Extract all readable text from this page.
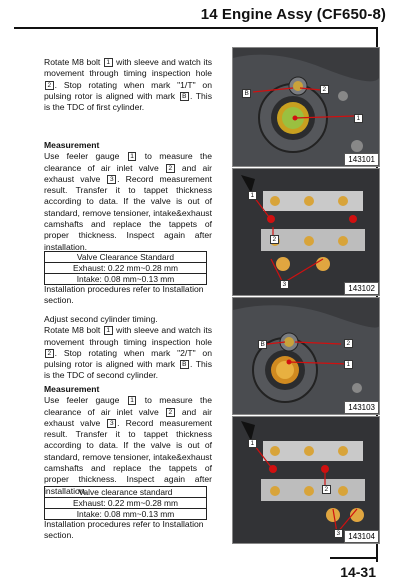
14 Engine Assy (CF650-8)

Rotate M8 bolt 1 with sleeve and watch its movement through timing inspection hole 2 . Stop rotating when mark "1/T" on pulsing rotor is aligned with mark B . This is the TDC of first cylinder.

Measurement

Use feeler gauge 1 to measure the clearance of air inlet valve 2 and air exhaust valve 3 . Record measurement result. Transfer it to tappet thickness according to data. If the valve is out of standard, remove tensioner, intake&exhaust camshafts and replace the tappets of proper thickness. Inspect again after installation.

Valve Clearance Standard
Exhaust: 0.22 mm~0.28 mm
Intake: 0.08 mm~0.13 mm

Installation procedures refer to Installation section.

Adjust second cylinder timing.

Rotate M8 bolt 1 with sleeve and watch its movement through timing inspection hole 2 . Stop rotating when mark "2/T" on pulsing rotor is aligned with mark B . This is the TDC of second cylinder.

Measurement

Use feeler gauge 1 to measure the clearance of air inlet valve 2 and air exhaust valve 3 . Record measurement result. Transfer it to tappet thickness according to data. If the valve is out of standard, remove tensioner, intake&exhaust camshafts and replace the tappets of proper thickness. Inspect again after installation.

Valve clearance standard
Exhaust: 0.22 mm~0.28 mm
Intake: 0.08 mm~0.13 mm

Installation procedures refer to Installation section.

B
2
1
143101
1
2
3	143102
B	2
1
143103
1
2
3	143104
14-31
